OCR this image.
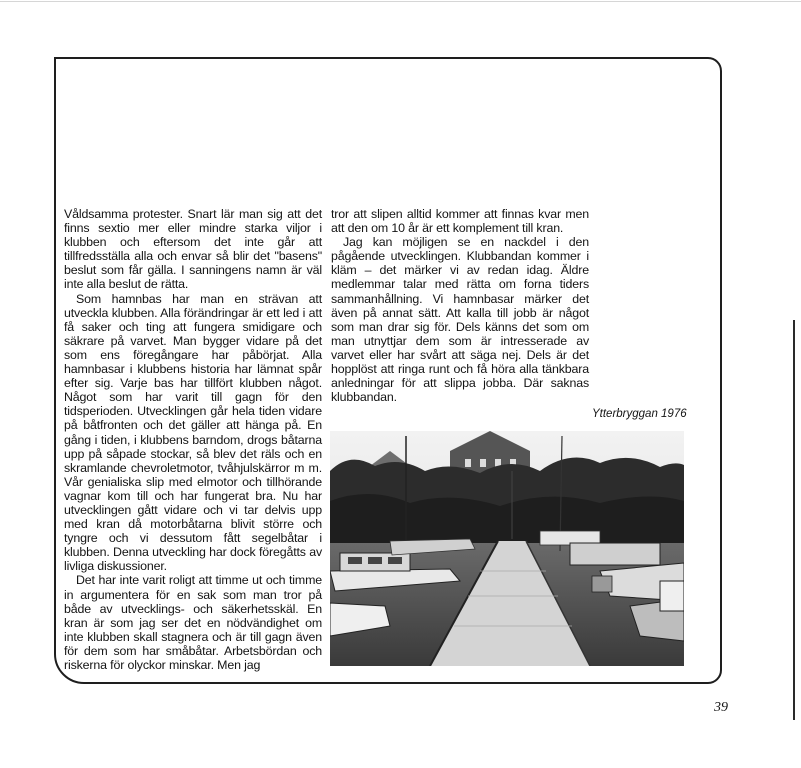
Våldsamma protester. Snart lär man sig att det finns sextio mer eller mindre starka viljor i klubben och eftersom det inte går att tillfredsställa alla och envar så blir det "basens" beslut som får gälla. I sanningens namn är väl inte alla beslut de rätta.

Som hamnbas har man en strävan att utveckla klubben. Alla förändringar är ett led i att få saker och ting att fungera smidigare och säkrare på varvet. Man bygger vidare på det som ens föregångare har påbörjat. Alla hamnbasar i klubbens historia har lämnat spår efter sig. Varje bas har tillfört klubben något. Något som har varit till gagn för den tidsperioden. Utvecklingen går hela tiden vidare på båtfronten och det gäller att hänga på. En gång i tiden, i klubbens barndom, drogs båtarna upp på såpade stockar, så blev det räls och en skramlande chevroletmotor, tvåhjulskärror m m. Vår genialiska slip med elmotor och tillhörande vagnar kom till och har fungerat bra. Nu har utvecklingen gått vidare och vi tar delvis upp med kran då motorbåtarna blivit större och tyngre och vi dessutom fått segelbåtar i klubben. Denna utveckling har dock föregåtts av livliga diskussioner.

Det har inte varit roligt att timme ut och timme in argumentera för en sak som man tror på både av utvecklings- och säkerhetsskäl. En kran är som jag ser det en nödvändighet om inte klubben skall stagnera och är till gagn även för dem som har småbåtar. Arbetsbördan och riskerna för olyckor minskar. Men jag

tror att slipen alltid kommer att finnas kvar men att den om 10 år är ett komplement till kran.

Jag kan möjligen se en nackdel i den pågående utvecklingen. Klubbandan kommer i kläm – det märker vi av redan idag. Äldre medlemmar talar med rätta om forna tiders sammanhållning. Vi hamnbasar märker det även på annat sätt. Att kalla till jobb är något som man drar sig för. Dels känns det som om man utnyttjar dem som är intresserade av varvet eller har svårt att säga nej. Dels är det hopplöst att ringa runt och få höra alla tänkbara anledningar för att slippa jobba. Där saknas klubbandan.

Ytterbryggan 1976
39
